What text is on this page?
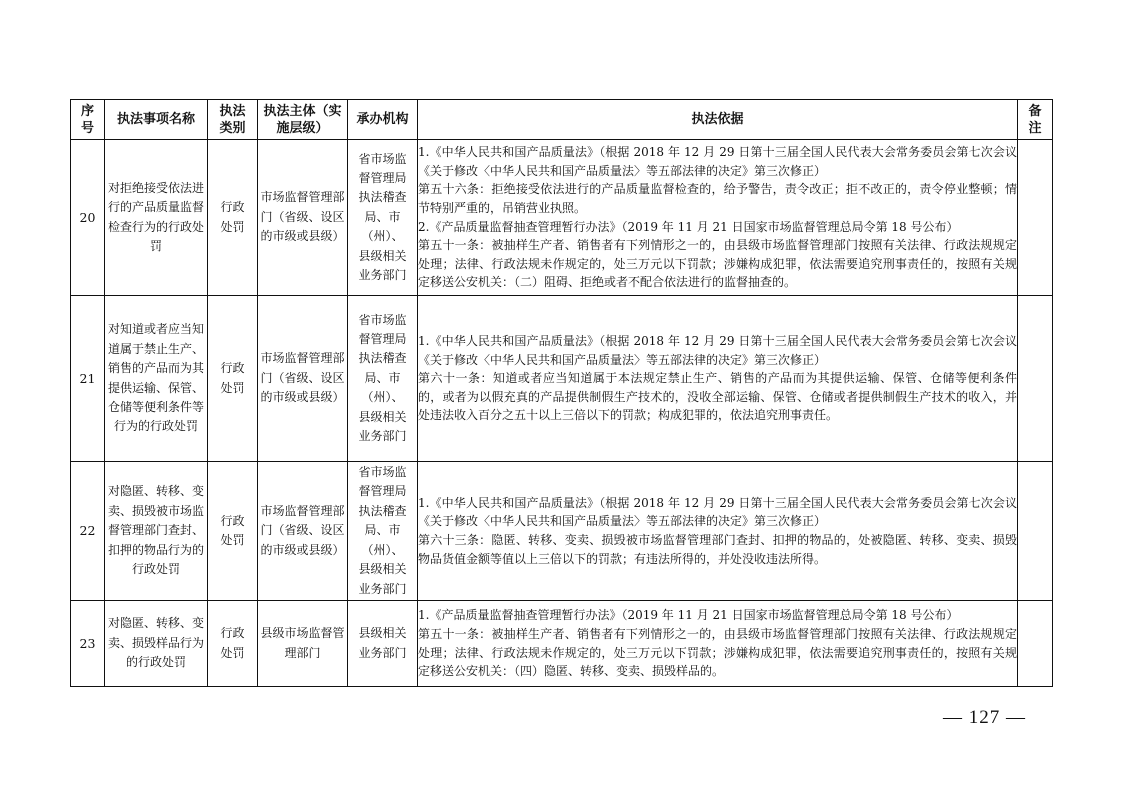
序号	执法事项名称	执法类别	执法主体（实施层级）	承办机构	执法依据	备注
20	对拒绝接受依法进行的产品质量监督检查行为的行政处罚	行政处罚	市场监督管理部门（省级、设区的市级或县级）	省市场监督管理局执法稽查局、市（州）、县级相关业务部门	1.《中华人民共和国产品质量法》（根据 2018 年 12 月 29 日第十三届全国人民代表大会常务委员会第七次会议《关于修改〈中华人民共和国产品质量法〉等五部法律的决定》第三次修正）

第五十六条：拒绝接受依法进行的产品质量监督检查的，给予警告，责令改正；拒不改正的，责令停业整顿；情节特别严重的，吊销营业执照。

2.《产品质量监督抽查管理暂行办法》（2019 年 11 月 21 日国家市场监督管理总局令第 18 号公布）

第五十一条：被抽样生产者、销售者有下列情形之一的，由县级市场监督管理部门按照有关法律、行政法规规定处理；法律、行政法规未作规定的，处三万元以下罚款；涉嫌构成犯罪，依法需要追究刑事责任的，按照有关规定移送公安机关：（二）阻碍、拒绝或者不配合依法进行的监督抽查的。	

21	对知道或者应当知道属于禁止生产、销售的产品而为其提供运输、保管、仓储等便利条件等行为的行政处罚	行政处罚	市场监督管理部门（省级、设区的市级或县级）	省市场监督管理局执法稽查局、市（州）、县级相关业务部门	1.《中华人民共和国产品质量法》（根据 2018 年 12 月 29 日第十三届全国人民代表大会常务委员会第七次会议《关于修改〈中华人民共和国产品质量法〉等五部法律的决定》第三次修正）

第六十一条：知道或者应当知道属于本法规定禁止生产、销售的产品而为其提供运输、保管、仓储等便利条件的，或者为以假充真的产品提供制假生产技术的，没收全部运输、保管、仓储或者提供制假生产技术的收入，并处违法收入百分之五十以上三倍以下的罚款；构成犯罪的，依法追究刑事责任。	

22	对隐匿、转移、变卖、损毁被市场监督管理部门查封、扣押的物品行为的行政处罚	行政处罚	市场监督管理部门（省级、设区的市级或县级）	省市场监督管理局执法稽查局、市（州）、县级相关业务部门	1.《中华人民共和国产品质量法》（根据 2018 年 12 月 29 日第十三届全国人民代表大会常务委员会第七次会议《关于修改〈中华人民共和国产品质量法〉等五部法律的决定》第三次修正）

第六十三条：隐匿、转移、变卖、损毁被市场监督管理部门查封、扣押的物品的，处被隐匿、转移、变卖、损毁物品货值金额等值以上三倍以下的罚款；有违法所得的，并处没收违法所得。	

23	对隐匿、转移、变卖、损毁样品行为的行政处罚	行政处罚	县级市场监督管理部门	县级相关业务部门	1.《产品质量监督抽查管理暂行办法》（2019 年 11 月 21 日国家市场监督管理总局令第 18 号公布）

第五十一条：被抽样生产者、销售者有下列情形之一的，由县级市场监督管理部门按照有关法律、行政法规规定处理；法律、行政法规未作规定的，处三万元以下罚款；涉嫌构成犯罪，依法需要追究刑事责任的，按照有关规定移送公安机关：（四）隐匿、转移、变卖、损毁样品的。	

— 127 —
